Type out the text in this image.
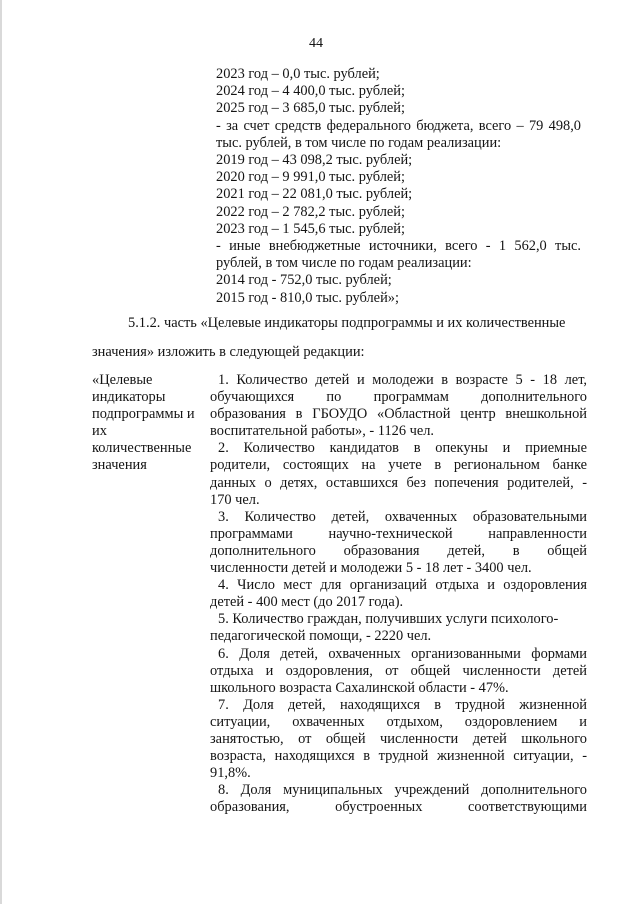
44
2023 год – 0,0 тыс. рублей;
2024 год – 4 400,0 тыс. рублей;
2025 год – 3 685,0 тыс. рублей;
- за счет средств федерального бюджета, всего – 79 498,0
тыс. рублей, в том числе по годам реализации:
2019 год – 43 098,2 тыс. рублей;
2020 год – 9 991,0 тыс. рублей;
2021 год – 22 081,0 тыс. рублей;
2022 год – 2 782,2 тыс. рублей;
2023 год – 1 545,6 тыс. рублей;
- иные внебюджетные источники, всего - 1 562,0 тыс.
рублей, в том числе по годам реализации:
2014 год - 752,0 тыс. рублей;
2015 год - 810,0 тыс. рублей»;
5.1.2. часть «Целевые индикаторы подпрограммы и их количественные
значения» изложить в следующей редакции:
«Целевые
индикаторы
подпрограммы и
их
количественные
значения
1. Количество детей и молодежи в возрасте 5 - 18 лет,
обучающихся по программам дополнительного
образования в ГБОУДО «Областной центр внешкольной
воспитательной работы», - 1126 чел.
2. Количество кандидатов в опекуны и приемные
родители, состоящих на учете в региональном банке
данных о детях, оставшихся без попечения родителей, -
170 чел.
3. Количество детей, охваченных образовательными
программами научно-технической направленности
дополнительного образования детей, в общей
численности детей и молодежи 5 - 18 лет - 3400 чел.
4. Число мест для организаций отдыха и оздоровления
детей - 400 мест (до 2017 года).
5. Количество граждан, получивших услуги психолого-
педагогической помощи, - 2220 чел.
6. Доля детей, охваченных организованными формами
отдыха и оздоровления, от общей численности детей
школьного возраста Сахалинской области - 47%.
7. Доля детей, находящихся в трудной жизненной
ситуации, охваченных отдыхом, оздоровлением и
занятостью, от общей численности детей школьного
возраста, находящихся в трудной жизненной ситуации, -
91,8%.
8. Доля муниципальных учреждений дополнительного
образования, обустроенных соответствующими
